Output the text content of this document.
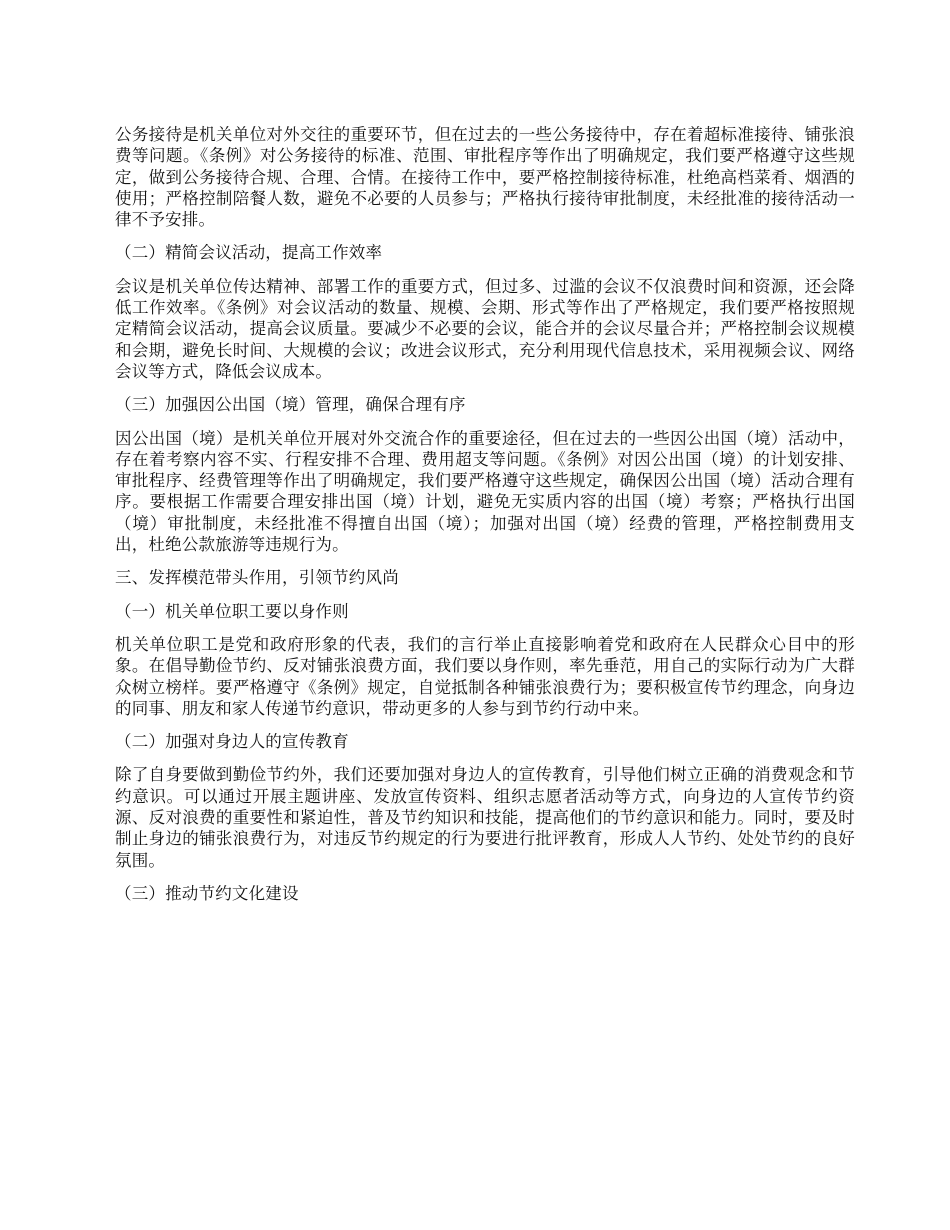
公务接待是机关单位对外交往的重要环节，但在过去的一些公务接待中，存在着超标准接待、铺张浪费等问题。《条例》对公务接待的标准、范围、审批程序等作出了明确规定，我们要严格遵守这些规定，做到公务接待合规、合理、合情。在接待工作中，要严格控制接待标准，杜绝高档菜肴、烟酒的使用；严格控制陪餐人数，避免不必要的人员参与；严格执行接待审批制度，未经批准的接待活动一律不予安排。

（二）精简会议活动，提高工作效率

会议是机关单位传达精神、部署工作的重要方式，但过多、过滥的会议不仅浪费时间和资源，还会降低工作效率。《条例》对会议活动的数量、规模、会期、形式等作出了严格规定，我们要严格按照规定精简会议活动，提高会议质量。要减少不必要的会议，能合并的会议尽量合并；严格控制会议规模和会期，避免长时间、大规模的会议；改进会议形式，充分利用现代信息技术，采用视频会议、网络会议等方式，降低会议成本。

（三）加强因公出国（境）管理，确保合理有序

因公出国（境）是机关单位开展对外交流合作的重要途径，但在过去的一些因公出国（境）活动中，存在着考察内容不实、行程安排不合理、费用超支等问题。《条例》对因公出国（境）的计划安排、审批程序、经费管理等作出了明确规定，我们要严格遵守这些规定，确保因公出国（境）活动合理有序。要根据工作需要合理安排出国（境）计划，避免无实质内容的出国（境）考察；严格执行出国（境）审批制度，未经批准不得擅自出国（境）；加强对出国（境）经费的管理，严格控制费用支出，杜绝公款旅游等违规行为。

三、发挥模范带头作用，引领节约风尚

（一）机关单位职工要以身作则

机关单位职工是党和政府形象的代表，我们的言行举止直接影响着党和政府在人民群众心目中的形象。在倡导勤俭节约、反对铺张浪费方面，我们要以身作则，率先垂范，用自己的实际行动为广大群众树立榜样。要严格遵守《条例》规定，自觉抵制各种铺张浪费行为；要积极宣传节约理念，向身边的同事、朋友和家人传递节约意识，带动更多的人参与到节约行动中来。

（二）加强对身边人的宣传教育

除了自身要做到勤俭节约外，我们还要加强对身边人的宣传教育，引导他们树立正确的消费观念和节约意识。可以通过开展主题讲座、发放宣传资料、组织志愿者活动等方式，向身边的人宣传节约资源、反对浪费的重要性和紧迫性，普及节约知识和技能，提高他们的节约意识和能力。同时，要及时制止身边的铺张浪费行为，对违反节约规定的行为要进行批评教育，形成人人节约、处处节约的良好氛围。

（三）推动节约文化建设
